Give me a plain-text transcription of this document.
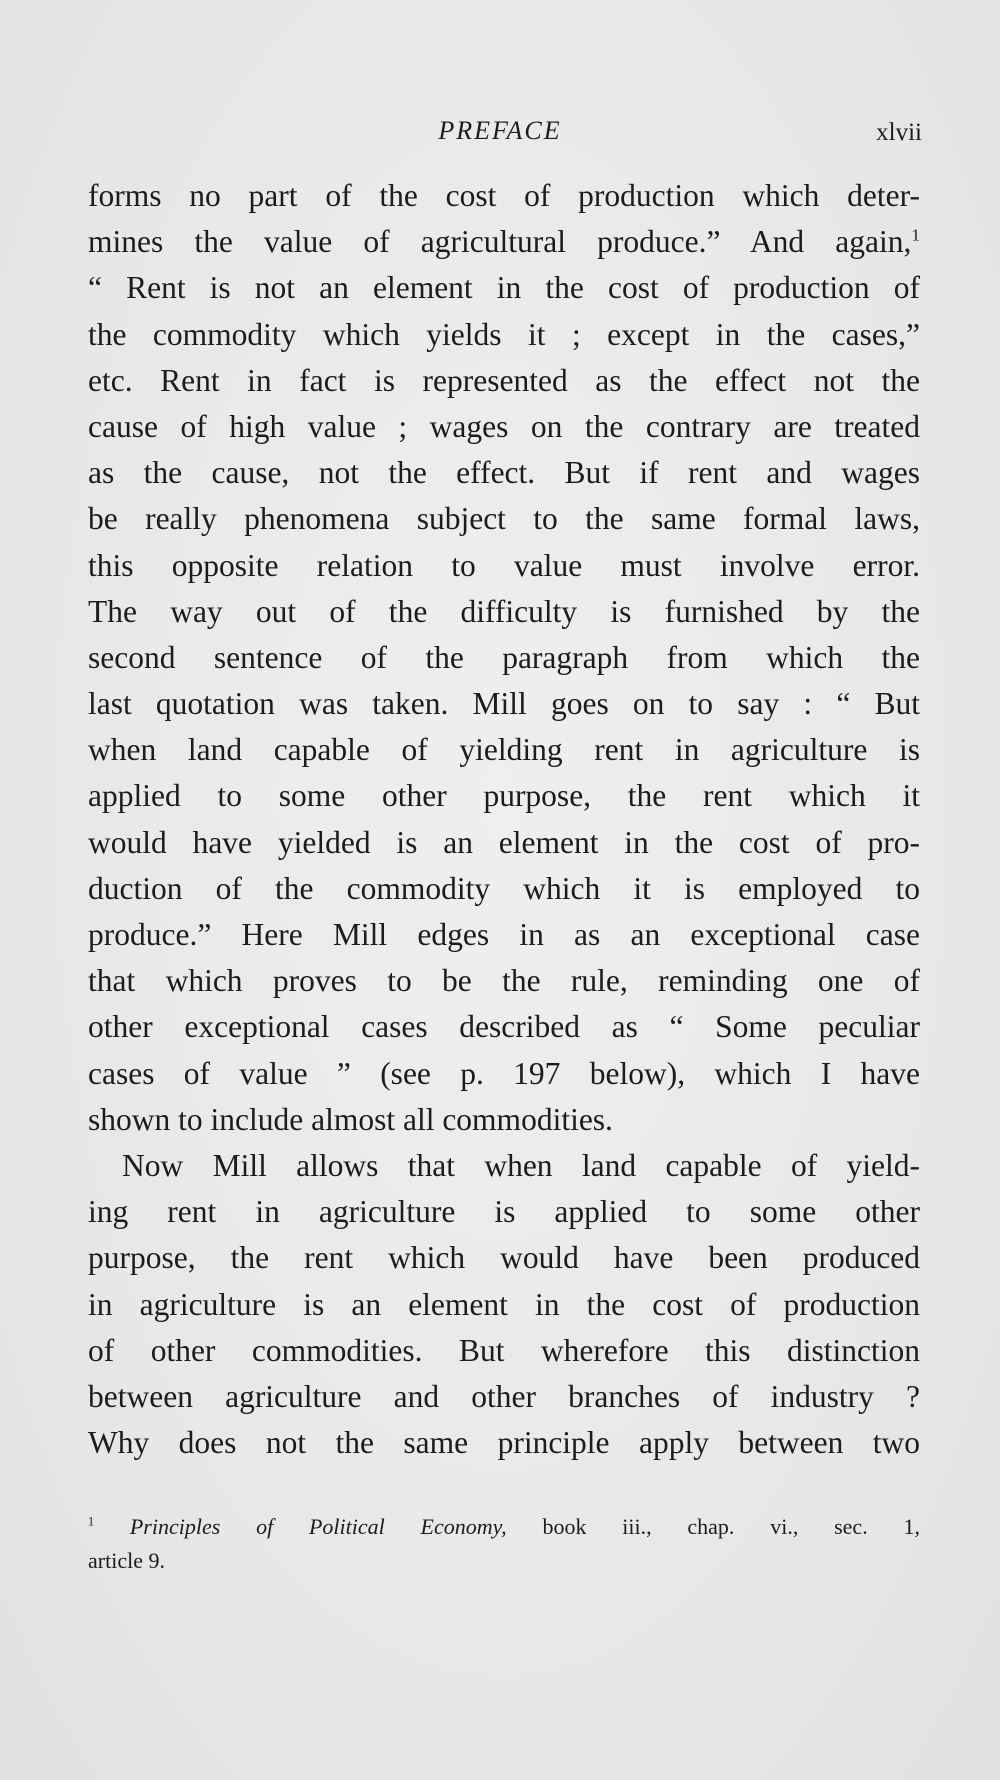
PREFACE	xlvii
forms no part of the cost of production which deter-
mines the value of agricultural produce.” And again,$^1$
“ Rent is not an element in the cost of production of
the commodity which yields it ; except in the cases,”
etc. Rent in fact is represented as the effect not the
cause of high value ; wages on the contrary are treated
as the cause, not the effect. But if rent and wages
be really phenomena subject to the same formal laws,
this opposite relation to value must involve error.
The way out of the difficulty is furnished by the
second sentence of the paragraph from which the
last quotation was taken. Mill goes on to say : “ But
when land capable of yielding rent in agriculture is
applied to some other purpose, the rent which it
would have yielded is an element in the cost of pro-
duction of the commodity which it is employed to
produce.” Here Mill edges in as an exceptional case
that which proves to be the rule, reminding one of
other exceptional cases described as “ Some peculiar
cases of value ” (see p. 197 below), which I have
shown to include almost all commodities.
Now Mill allows that when land capable of yield-
ing rent in agriculture is applied to some other
purpose, the rent which would have been produced
in agriculture is an element in the cost of production
of other commodities. But wherefore this distinction
between agriculture and other branches of industry ?
Why does not the same principle apply between two
$^1$ Principles of Political Economy, book iii., chap. vi., sec. 1,
article 9.
